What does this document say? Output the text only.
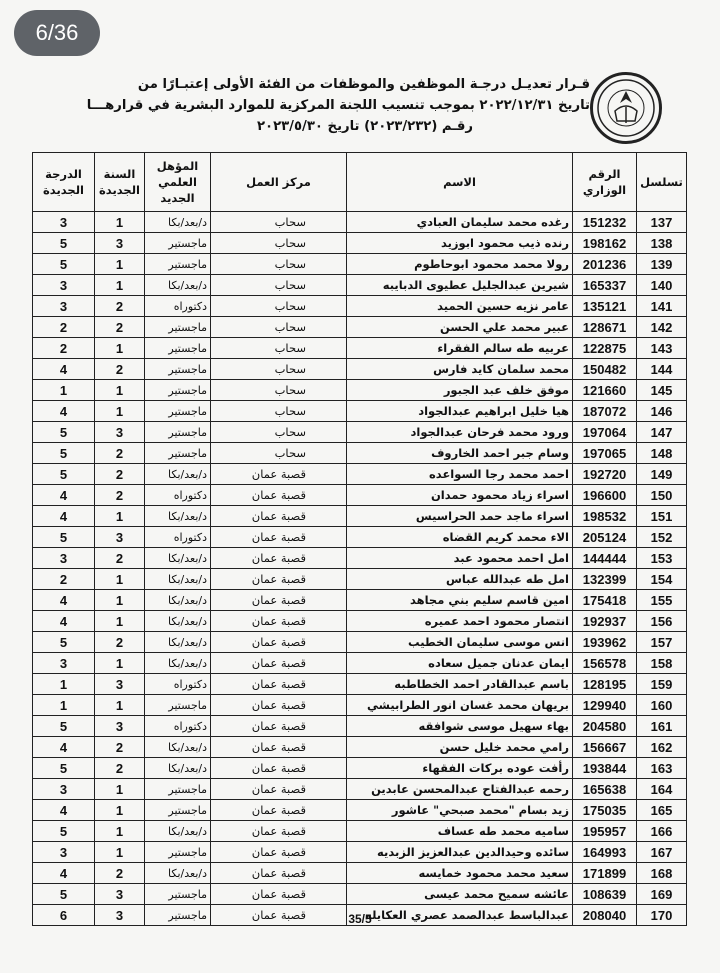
6/36
قـرار تعديـل درجـة الموظفين والموظفات من الفئة الأولى إعتبـارًا من
تاريخ ٢٠٢٢/١٢/٣١ بموجب تنسيب اللجنة المركزية للموارد البشرية في قرارهـــا
رقـم (٢٠٢٣/٢٣٢) تاريخ ٢٠٢٣/٥/٣٠
تسلسل	الرقم الوزاري	الاسم	مركز العمل	المؤهل العلمي الجديد	السنة الجديدة	الدرجة الجديدة
137	151232	رغده محمد سليمان العبادي	سحاب	د/بعد/بكا	1	3
138	198162	رنده ذيب محمود ابوزيد	سحاب	ماجستير	3	5
139	201236	رولا محمد محمود ابوحاطوم	سحاب	ماجستير	1	5
140	165337	شيرين عبدالجليل عطيوى الدبايبه	سحاب	د/بعد/بكا	1	3
141	135121	عامر نزيه حسين الحميد	سحاب	دكتوراه	2	3
142	128671	عبير محمد علي الحسن	سحاب	ماجستير	2	2
143	122875	عربيه طه سالم الفقراء	سحاب	ماجستير	1	2
144	150482	محمد سلمان كايد فارس	سحاب	ماجستير	2	4
145	121660	موفق خلف عبد الجبور	سحاب	ماجستير	1	1
146	187072	هيا خليل ابراهيم عبدالجواد	سحاب	ماجستير	1	4
147	197064	ورود محمد فرحان عبدالجواد	سحاب	ماجستير	3	5
148	197065	وسام جبر احمد الخاروف	سحاب	ماجستير	2	5
149	192720	احمد محمد رجا السواعده	قصبة عمان	د/بعد/بكا	2	5
150	196600	اسراء زياد محمود حمدان	قصبة عمان	دكتوراه	2	4
151	198532	اسراء ماجد حمد الحراسيس	قصبة عمان	د/بعد/بكا	1	4
152	205124	الاء محمد كريم القضاه	قصبة عمان	دكتوراه	3	5
153	144444	امل احمد محمود عبد	قصبة عمان	د/بعد/بكا	2	3
154	132399	امل طه عبدالله عباس	قصبة عمان	د/بعد/بكا	1	2
155	175418	امين قاسم سليم بني مجاهد	قصبة عمان	د/بعد/بكا	1	4
156	192937	انتصار محمود احمد عميره	قصبة عمان	د/بعد/بكا	1	4
157	193962	انس موسى سليمان الخطيب	قصبة عمان	د/بعد/بكا	2	5
158	156578	ايمان عدنان جميل سعاده	قصبة عمان	د/بعد/بكا	1	3
159	128195	باسم عبدالقادر احمد الخطاطبه	قصبة عمان	دكتوراه	3	1
160	129940	بريهان محمد غسان انور الطرابيشي	قصبة عمان	ماجستير	1	1
161	204580	بهاء سهيل موسى شوافقه	قصبة عمان	دكتوراه	3	5
162	156667	رامي محمد خليل حسن	قصبة عمان	د/بعد/بكا	2	4
163	193844	رأفت عوده بركات الفقهاء	قصبة عمان	د/بعد/بكا	2	5
164	165638	رحمه عبدالفتاح عبدالمحسن عابدين	قصبة عمان	ماجستير	1	3
165	175035	زيد بسام "محمد صبحي" عاشور	قصبة عمان	ماجستير	1	4
166	195957	ساميه محمد طه عساف	قصبة عمان	د/بعد/بكا	1	5
167	164993	سائده وحيدالدين عبدالعزيز الزبديه	قصبة عمان	ماجستير	1	3
168	171899	سعيد محمد محمود خمايسه	قصبة عمان	د/بعد/بكا	2	4
169	108639	عائشه سميح محمد عيسى	قصبة عمان	ماجستير	3	5
170	208040	عبدالباسط عبدالصمد عصري العكايله	قصبة عمان	ماجستير	3	6	35/5
